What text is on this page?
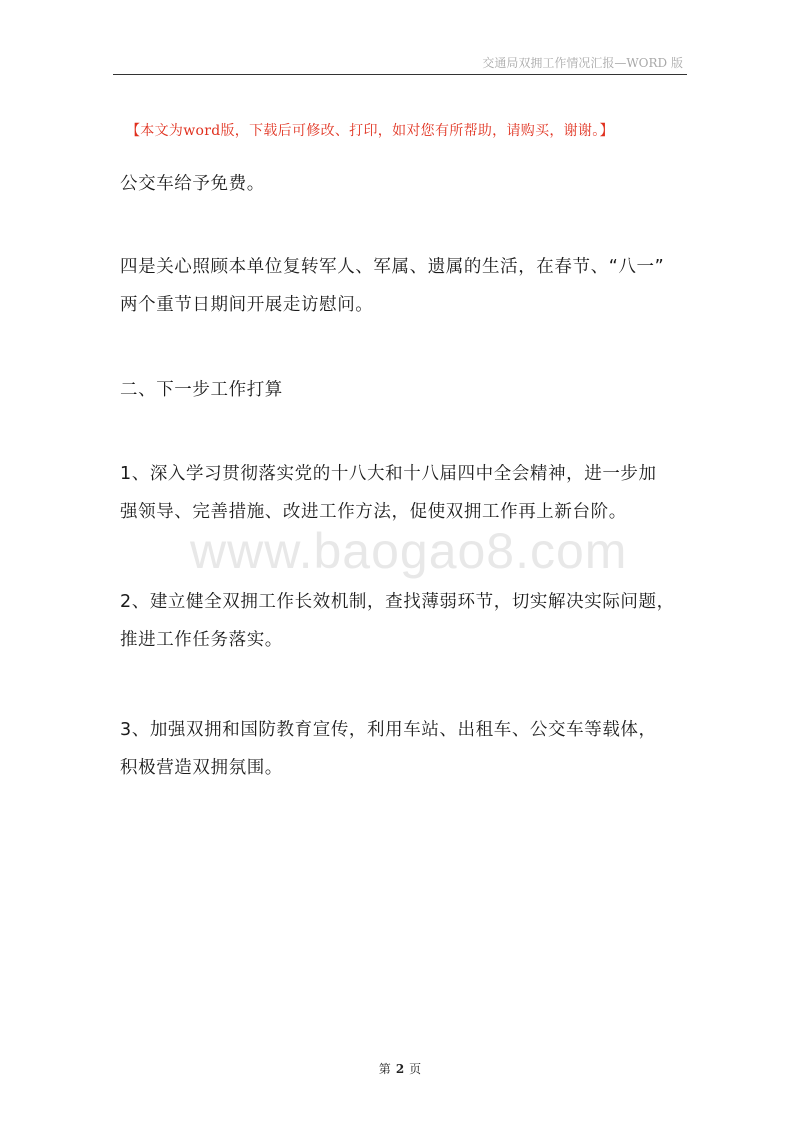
交通局双拥工作情况汇报—WORD 版
【本文为word版，下载后可修改、打印，如对您有所帮助，请购买，谢谢。】
公交车给予免费。
四是关心照顾本单位复转军人、军属、遗属的生活，在春节、“八一”
两个重节日期间开展走访慰问。
二、下一步工作打算
1、深入学习贯彻落实党的十八大和十八届四中全会精神，进一步加
强领导、完善措施、改进工作方法，促使双拥工作再上新台阶。
www.baogao8.com
2、建立健全双拥工作长效机制，查找薄弱环节，切实解决实际问题，
推进工作任务落实。
3、加强双拥和国防教育宣传，利用车站、出租车、公交车等载体，
积极营造双拥氛围。
第 2 页
